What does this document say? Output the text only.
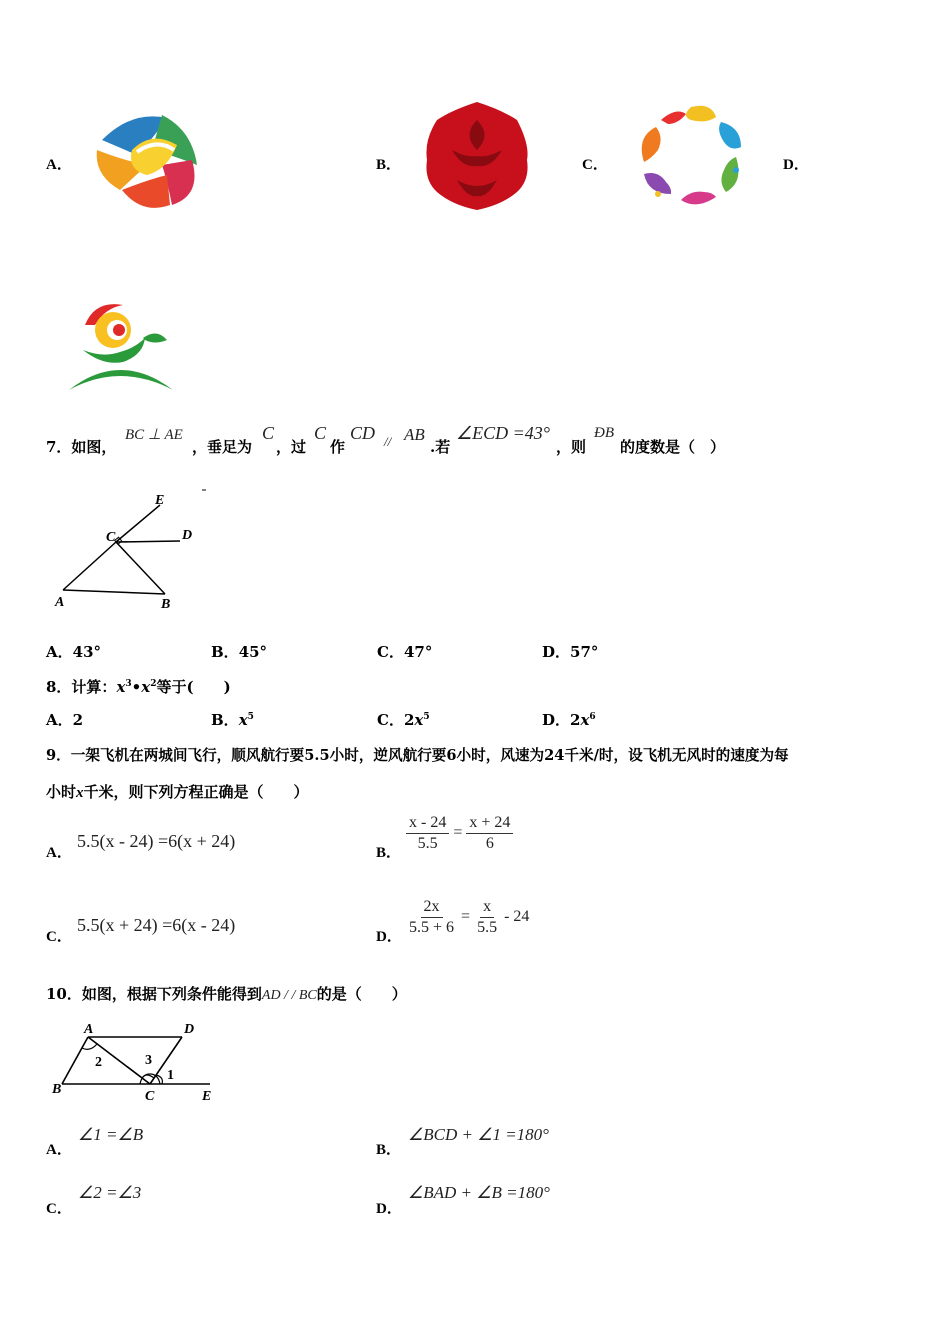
A．	B．	C．	D．
7．如图，
BC ⊥ AE
，垂足为
C
，过
C
作
CD // AB
.若
∠ECD =43°
，则
ÐB
的度数是（　）
E
C	D
A	B
A．43°	B．45°	C．47°	D．57°
8．计算：$x^3•x^2$等于(　　)
A．2	B．$x^5$	C．$2x^5$	D．$2x^6$
9．一架飞机在两城间飞行，顺风航行要5.5小时，逆风航行要6小时，风速为24千米/时，设飞机无风时的速度为每
小时x千米，则下列方程正确是（　　）
A．
5.5(x - 24) =6(x + 24)
B． $\frac{x - 24}{5.5} = \frac{x + 24}{6}$
C．
5.5(x + 24) =6(x - 24)
D． $\frac{2x}{5.5 + 6} = \frac{x}{5.5} - 24$
10．如图，根据下列条件能得到AD / / BC的是（　　）
A	D
B	C	E
1
2	3
A．
∠1 =∠B
B．
∠BCD + ∠1 =180°
C．
∠2 =∠3
D．
∠BAD + ∠B =180°
